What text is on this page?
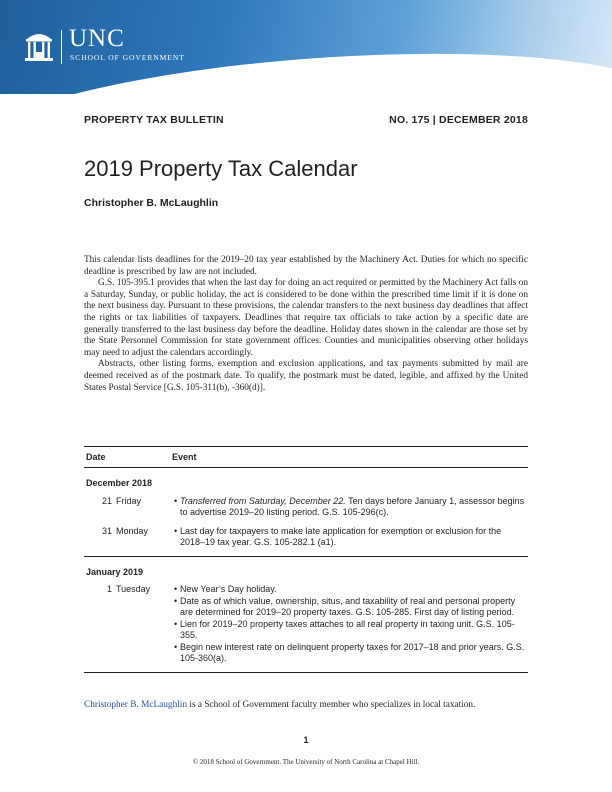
UNC
SCHOOL OF GOVERNMENT
PROPERTY TAX BULLETIN	NO. 175 | DECEMBER 2018
2019 Property Tax Calendar
Christopher B. McLaughlin

This calendar lists deadlines for the 2019–20 tax year established by the Machinery Act. Duties for which no specific deadline is prescribed by law are not included.

G.S. 105-395.1 provides that when the last day for doing an act required or permitted by the Machinery Act falls on a Saturday, Sunday, or public holiday, the act is considered to be done within the prescribed time limit if it is done on the next business day. Pursuant to these provisions, the calendar transfers to the next business day deadlines that affect the rights or tax liabilities of taxpayers. Deadlines that require tax officials to take action by a specific date are generally transferred to the last business day before the deadline. Holiday dates shown in the calendar are those set by the State Personnel Commission for state government offices. Counties and municipalities observing other holidays may need to adjust the calendars accordingly.

Abstracts, other listing forms, exemption and exclusion applications, and tax payments submitted by mail are deemed received as of the postmark date. To qualify, the postmark must be dated, legible, and affixed by the United States Postal Service [G.S. 105-311(b), -360(d)].

Date	Event
December 2018
21 Friday	• Transferred from Saturday, December 22. Ten days before January 1, assessor begins to advertise 2019–20 listing period. G.S. 105-296(c).
31 Monday	• Last day for taxpayers to make late application for exemption or exclusion for the 2018–19 tax year. G.S. 105-282.1 (a1).
January 2019
1 Tuesday	• New Year’s Day holiday.
• Date as of which value, ownership, situs, and taxability of real and personal property are determined for 2019–20 property taxes. G.S. 105-285. First day of listing period.
• Lien for 2019–20 property taxes attaches to all real property in taxing unit. G.S. 105-355.
• Begin new interest rate on delinquent property taxes for 2017–18 and prior years. G.S. 105-360(a).
Christopher B. McLaughlin is a School of Government faculty member who specializes in local taxation.
1
© 2018 School of Government. The University of North Carolina at Chapel Hill.
